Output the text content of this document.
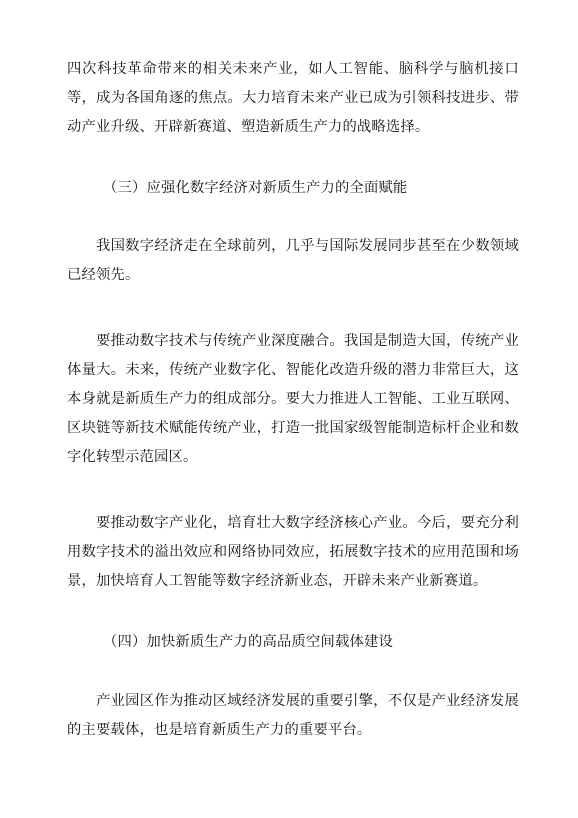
四次科技革命带来的相关未来产业，如人工智能、脑科学与脑机接口等，成为各国角逐的焦点。大力培育未来产业已成为引领科技进步、带动产业升级、开辟新赛道、塑造新质生产力的战略选择。

（三）应强化数字经济对新质生产力的全面赋能

我国数字经济走在全球前列，几乎与国际发展同步甚至在少数领域已经领先。

要推动数字技术与传统产业深度融合。我国是制造大国，传统产业体量大。未来，传统产业数字化、智能化改造升级的潜力非常巨大，这本身就是新质生产力的组成部分。要大力推进人工智能、工业互联网、区块链等新技术赋能传统产业，打造一批国家级智能制造标杆企业和数字化转型示范园区。

要推动数字产业化，培育壮大数字经济核心产业。今后，要充分利用数字技术的溢出效应和网络协同效应，拓展数字技术的应用范围和场景，加快培育人工智能等数字经济新业态，开辟未来产业新赛道。

（四）加快新质生产力的高品质空间载体建设

产业园区作为推动区域经济发展的重要引擎，不仅是产业经济发展的主要载体，也是培育新质生产力的重要平台。
